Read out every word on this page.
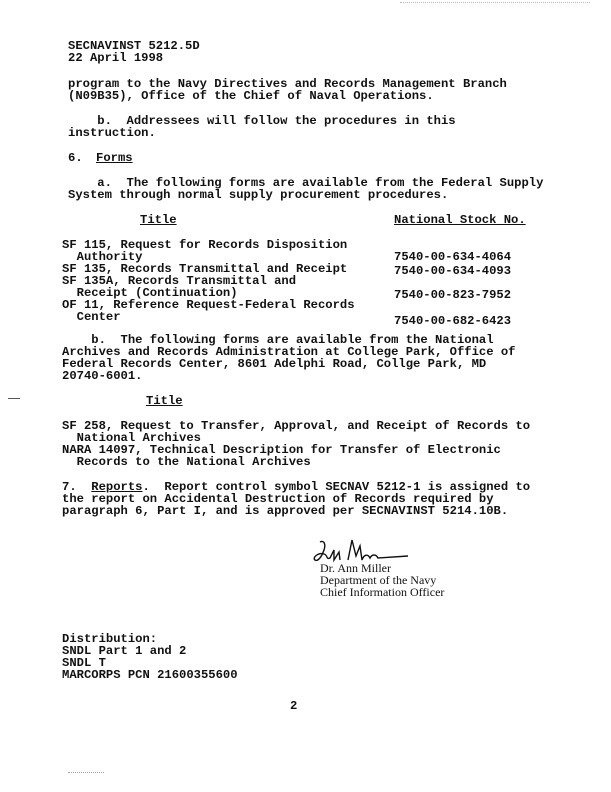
SECNAVINST 5212.5D
22 April 1998
program to the Navy Directives and Records Management Branch
(N09B35), Office of the Chief of Naval Operations.
b.  Addressees will follow the procedures in this
instruction.
6. Forms
a.  The following forms are available from the Federal Supply
System through normal supply procurement procedures.
Title	National Stock No.
SF 115, Request for Records Disposition
Authority	7540-00-634-4064
SF 135, Records Transmittal and Receipt	7540-00-634-4093
SF 135A, Records Transmittal and
Receipt (Continuation)	7540-00-823-7952
OF 11, Reference Request-Federal Records
Center	7540-00-682-6423
b.  The following forms are available from the National
Archives and Records Administration at College Park, Office of
Federal Records Center, 8601 Adelphi Road, Collge Park, MD
20740-6001.
Title
SF 258, Request to Transfer, Approval, and Receipt of Records to
National Archives
NARA 14097, Technical Description for Transfer of Electronic
Records to the National Archives
7. Reports.  Report control symbol SECNAV 5212-1 is assigned to
the report on Accidental Destruction of Records required by
paragraph 6, Part I, and is approved per SECNAVINST 5214.10B.
Dr. Ann Miller
Department of the Navy
Chief Information Officer
Distribution:
SNDL Part 1 and 2
SNDL T
MARCORPS PCN 21600355600
2
